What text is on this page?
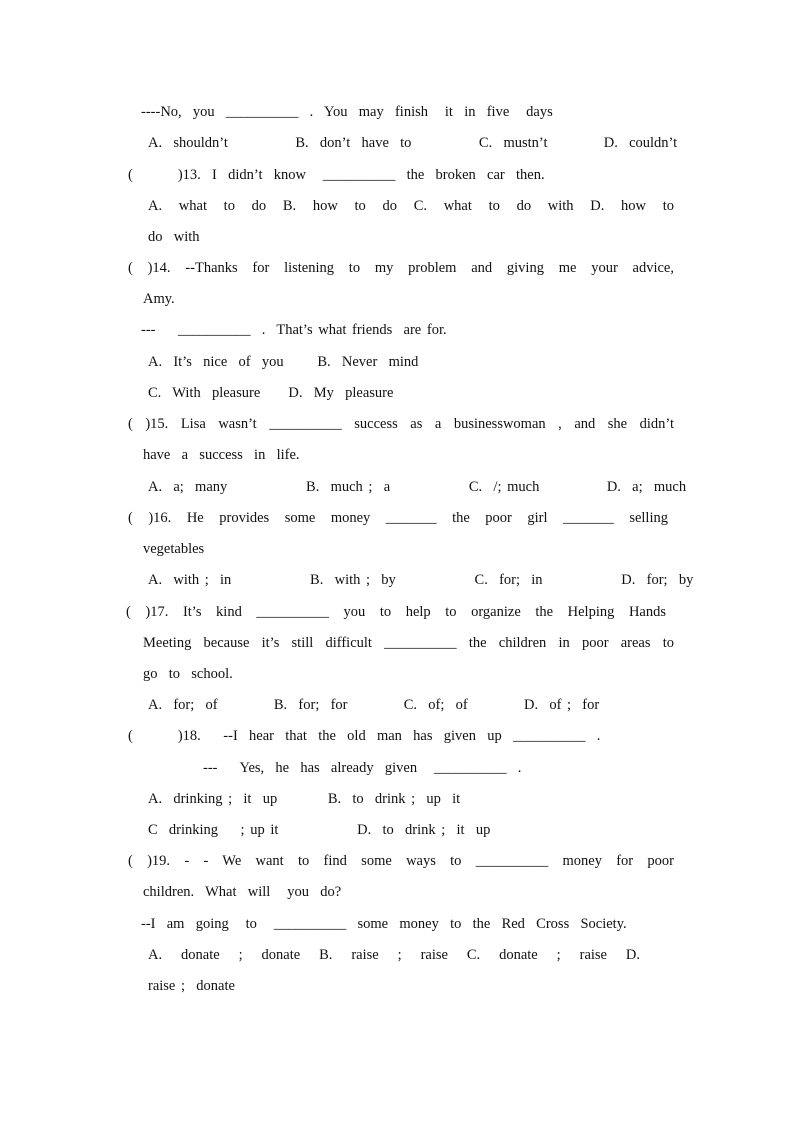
----No,  you  __________  .  You  may  finish   it  in  five   days
A.  shouldn’t            B.  don’t  have  to            C.  mustn’t          D.  couldn’t
(        )13.  I  didn’t  know   __________  the  broken  car  then.
A. what to do B. how to do C. what to do with D. how to
do  with
( )14. --Thanks for listening to my problem and giving me your advice,
Amy.
---    __________  .  That’s what friends  are for.
A.  It’s  nice  of  you      B.  Never  mind
C.  With  pleasure     D.  My  pleasure
( )15. Lisa wasn’t __________ success as a businesswoman , and she didn’t
have  a  success  in  life.
A.  a;  many              B.  much ;  a              C.  /; much            D.  a;  much
( )16. He provides some money _______ the poor girl _______ selling
vegetables
A.  with ;  in              B.  with ;  by              C.  for;  in              D.  for;  by
( )17. It’s kind __________ you to help to organize the Helping Hands
Meeting because it’s still difficult __________ the children in poor areas to
go  to  school.
A.  for;  of          B.  for;  for          C.  of;  of          D.  of ;  for
(        )18.    --I  hear  that  the  old  man  has  given  up  __________  .
---    Yes,  he  has  already  given   __________  .
A.  drinking ;  it  up         B.  to  drink ;  up  it
C  drinking    ; up it              D.  to  drink ;  it  up
( )19. - - We want to find some ways to __________ money for poor
children.  What  will   you  do?
--I  am  going   to   __________  some  money  to  the  Red  Cross  Society.
A. donate ; donate B. raise ; raise C. donate ; raise D.
raise ;  donate
